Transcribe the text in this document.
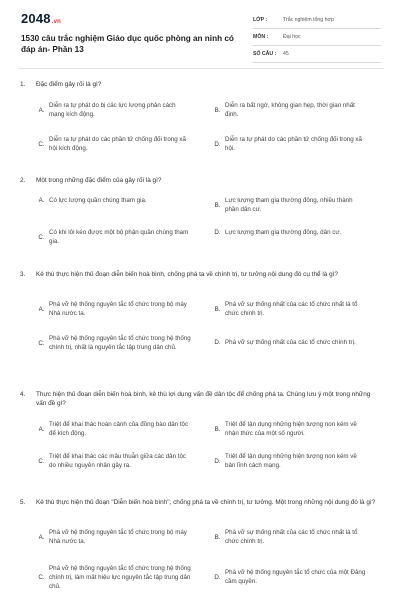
2048.vn
1530 câu trắc nghiệm Giáo dục quốc phòng an ninh có đáp án- Phần 13
LỚP :	Trắc nghiệm tổng hợp
MÔN :	Đại học
SỐ CÂU :	45
1.	Đặc điểm gây rối là gì?
A.
Diễn ra tự phát do bị các lực lượng phản cách mạng kích động.
B.
Diễn ra bất ngờ, không gian hẹp, thời gian nhất định.
C.
Diễn ra tự phát do các phần tử chống đối trong xã hội kích động.
D.
Diễn ra tự phát do các phần tử chống đối trong xã hội.
2.	Một trong những đặc điểm của gây rối là gì?
A. Có lực lượng quần chúng tham gia.
B.
Lực lượng tham gia thường đông, nhiều thành phần dân cư.
C.
Có khi lôi kéo được một bộ phận quần chúng tham gia.
D. Lực lượng tham gia thường đông, dân cư.
3.	Kẻ thù thực hiện thủ đoạn diễn biến hoà bình, chống phá ta về chính trị, tư tưởng nội dung đó cụ thể là gì?
A.
Phá vỡ hệ thống nguyên tắc tổ chức trong bộ máy Nhà nước ta.
B.
Phá vỡ sự thống nhất của các tổ chức nhất là tổ chức chính trị.
C.
Phá vỡ hệ thống nguyên tắc tổ chức trong hệ thống chính trị, nhất là nguyên tắc tập trung dân chủ.
D. Phá vỡ sự thống nhất của các tổ chức chính trị.
4.	Thực hiện thủ đoạn diễn biến hoà bình, kẻ thù lợi dụng vấn đề dân tộc để chống phá ta. Chúng lưu ý một trong những vấn đề gì?
A.
Triệt để khai thác hoàn cảnh của đồng bào dân tộc để kích động.
B.
Triệt để tận dụng những hiện tượng non kém về nhận thức của một số người.
C.
Triệt để khai thác các mâu thuẫn giữa các dân tộc do nhiều nguyên nhân gây ra.
D.
Triệt để tận dụng những hiện tượng non kém về bản lĩnh cách mạng.
5.	Kẻ thù thực hiện thủ đoạn "Diễn biến hoà bình", chống phá ta về chính trị, tư tưởng. Một trong những nội dung đó là gì?
A.
Phá vỡ hệ thống nguyên tắc tổ chức trong bộ máy Nhà nước ta.
B.
Phá vỡ sự thống nhất của các tổ chức nhất là tổ chức chính trị.
C.
Phá vỡ hệ thống nguyên tắc tổ chức trong hệ thống chính trị, làm mất hiệu lực nguyên tắc tập trung dân chủ.
D.
Phá vỡ hệ thống nguyên tắc tổ chức của một Đảng cầm quyền.
